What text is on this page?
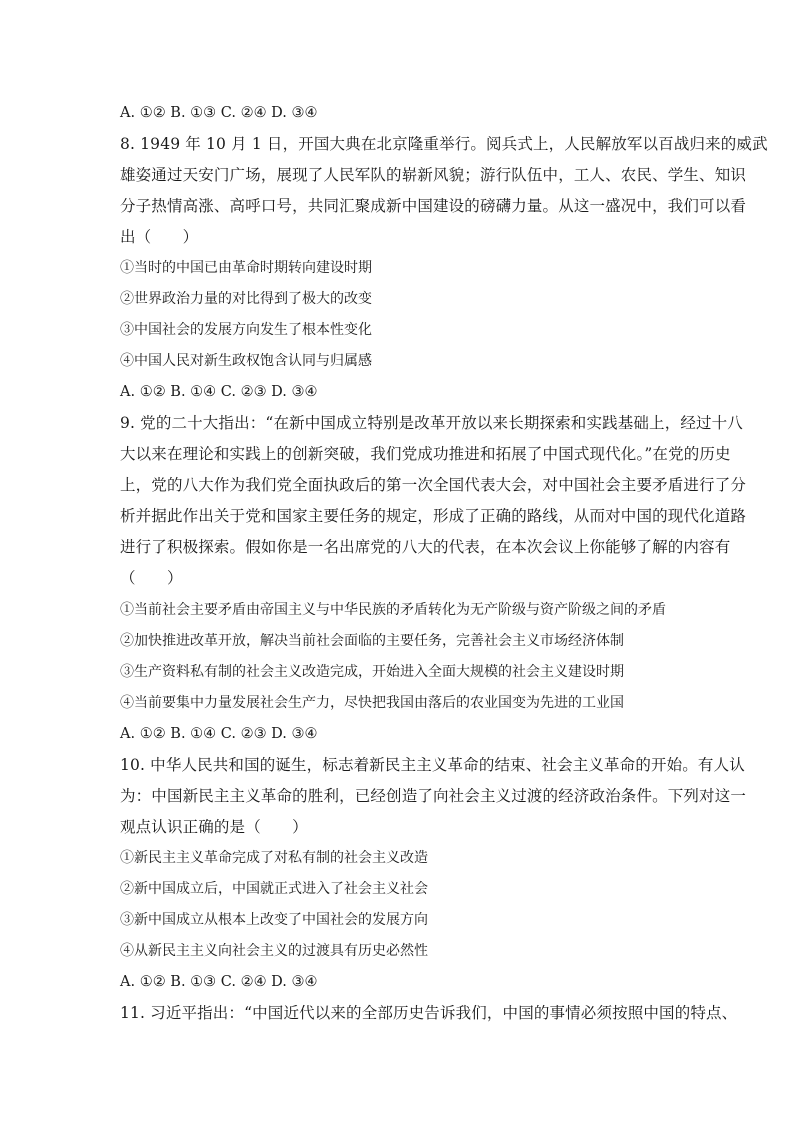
A. ①② B. ①③ C. ②④ D. ③④
8. 1949 年 10 月 1 日，开国大典在北京隆重举行。阅兵式上，人民解放军以百战归来的威武
雄姿通过天安门广场，展现了人民军队的崭新风貌；游行队伍中，工人、农民、学生、知识
分子热情高涨、高呼口号，共同汇聚成新中国建设的磅礴力量。从这一盛况中，我们可以看
出（　　）
①当时的中国已由革命时期转向建设时期
②世界政治力量的对比得到了极大的改变
③中国社会的发展方向发生了根本性变化
④中国人民对新生政权饱含认同与归属感
A. ①② B. ①④ C. ②③ D. ③④
9. 党的二十大指出：“在新中国成立特别是改革开放以来长期探索和实践基础上，经过十八
大以来在理论和实践上的创新突破，我们党成功推进和拓展了中国式现代化。”在党的历史
上，党的八大作为我们党全面执政后的第一次全国代表大会，对中国社会主要矛盾进行了分
析并据此作出关于党和国家主要任务的规定，形成了正确的路线，从而对中国的现代化道路
进行了积极探索。假如你是一名出席党的八大的代表，在本次会议上你能够了解的内容有
（　　）
①当前社会主要矛盾由帝国主义与中华民族的矛盾转化为无产阶级与资产阶级之间的矛盾
②加快推进改革开放，解决当前社会面临的主要任务，完善社会主义市场经济体制
③生产资料私有制的社会主义改造完成，开始进入全面大规模的社会主义建设时期
④当前要集中力量发展社会生产力，尽快把我国由落后的农业国变为先进的工业国
A. ①② B. ①④ C. ②③ D. ③④
10. 中华人民共和国的诞生，标志着新民主主义革命的结束、社会主义革命的开始。有人认
为：中国新民主主义革命的胜利，已经创造了向社会主义过渡的经济政治条件。下列对这一
观点认识正确的是（　　）
①新民主主义革命完成了对私有制的社会主义改造
②新中国成立后，中国就正式进入了社会主义社会
③新中国成立从根本上改变了中国社会的发展方向
④从新民主主义向社会主义的过渡具有历史必然性
A. ①② B. ①③ C. ②④ D. ③④
11. 习近平指出：“中国近代以来的全部历史告诉我们，中国的事情必须按照中国的特点、
